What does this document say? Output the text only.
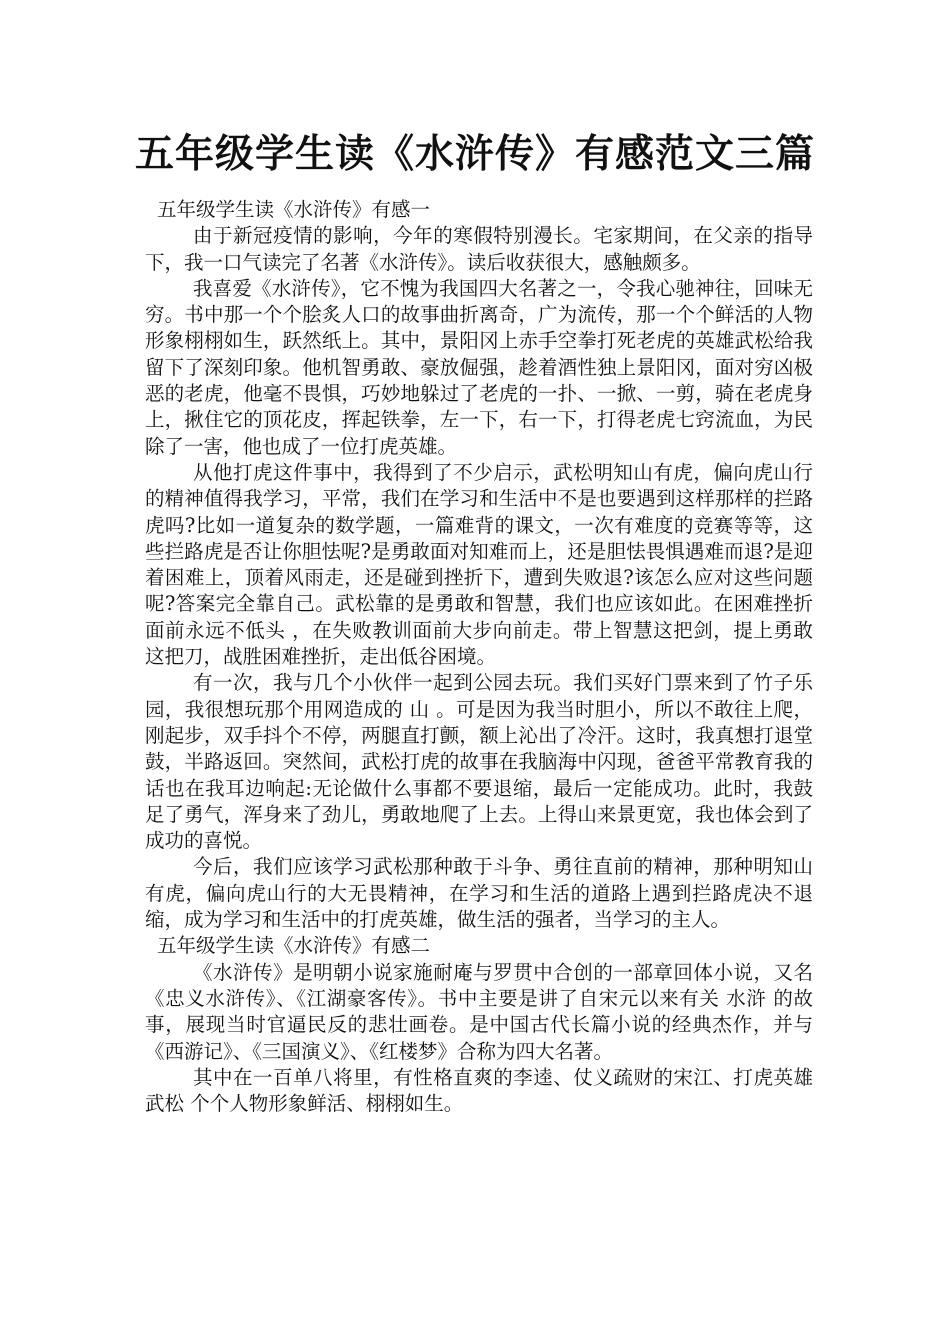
五年级学生读《水浒传》有感范文三篇
五年级学生读《水浒传》有感一

由于新冠疫情的影响，今年的寒假特别漫长。宅家期间，在父亲的指导下，我一口气读完了名著《水浒传》。读后收获很大，感触颇多。

我喜爱《水浒传》，它不愧为我国四大名著之一，令我心驰神往，回味无穷。书中那一个个脍炙人口的故事曲折离奇，广为流传，那一个个鲜活的人物形象栩栩如生，跃然纸上。其中，景阳冈上赤手空拳打死老虎的英雄武松给我留下了深刻印象。他机智勇敢、豪放倔强，趁着酒性独上景阳冈，面对穷凶极恶的老虎，他毫不畏惧，巧妙地躲过了老虎的一扑、一掀、一剪，骑在老虎身上，揪住它的顶花皮，挥起铁拳，左一下，右一下，打得老虎七窍流血，为民除了一害，他也成了一位打虎英雄。

从他打虎这件事中，我得到了不少启示，武松明知山有虎，偏向虎山行的精神值得我学习，平常，我们在学习和生活中不是也要遇到这样那样的拦路虎吗?比如一道复杂的数学题，一篇难背的课文，一次有难度的竞赛等等，这些拦路虎是否让你胆怯呢?是勇敢面对知难而上，还是胆怯畏惧遇难而退?是迎着困难上，顶着风雨走，还是碰到挫折下，遭到失败退?该怎么应对这些问题呢?答案完全靠自己。武松靠的是勇敢和智慧，我们也应该如此。在困难挫折面前永远不低头 ，在失败教训面前大步向前走。带上智慧这把剑，提上勇敢这把刀，战胜困难挫折，走出低谷困境。

有一次，我与几个小伙伴一起到公园去玩。我们买好门票来到了竹子乐园，我很想玩那个用网造成的 山 。可是因为我当时胆小，所以不敢往上爬，刚起步，双手抖个不停，两腿直打颤，额上沁出了冷汗。这时，我真想打退堂鼓，半路返回。突然间，武松打虎的故事在我脑海中闪现，爸爸平常教育我的话也在我耳边响起:无论做什么事都不要退缩，最后一定能成功。此时，我鼓足了勇气，浑身来了劲儿，勇敢地爬了上去。上得山来景更宽，我也体会到了成功的喜悦。

今后，我们应该学习武松那种敢于斗争、勇往直前的精神，那种明知山有虎，偏向虎山行的大无畏精神，在学习和生活的道路上遇到拦路虎决不退缩，成为学习和生活中的打虎英雄，做生活的强者，当学习的主人。

五年级学生读《水浒传》有感二

《水浒传》是明朝小说家施耐庵与罗贯中合创的一部章回体小说，又名《忠义水浒传》、《江湖豪客传》。书中主要是讲了自宋元以来有关 水浒 的故事，展现当时官逼民反的悲壮画卷。是中国古代长篇小说的经典杰作，并与《西游记》、《三国演义》、《红楼梦》合称为四大名著。

其中在一百单八将里，有性格直爽的李逵、仗义疏财的宋江、打虎英雄武松 个个人物形象鲜活、栩栩如生。
